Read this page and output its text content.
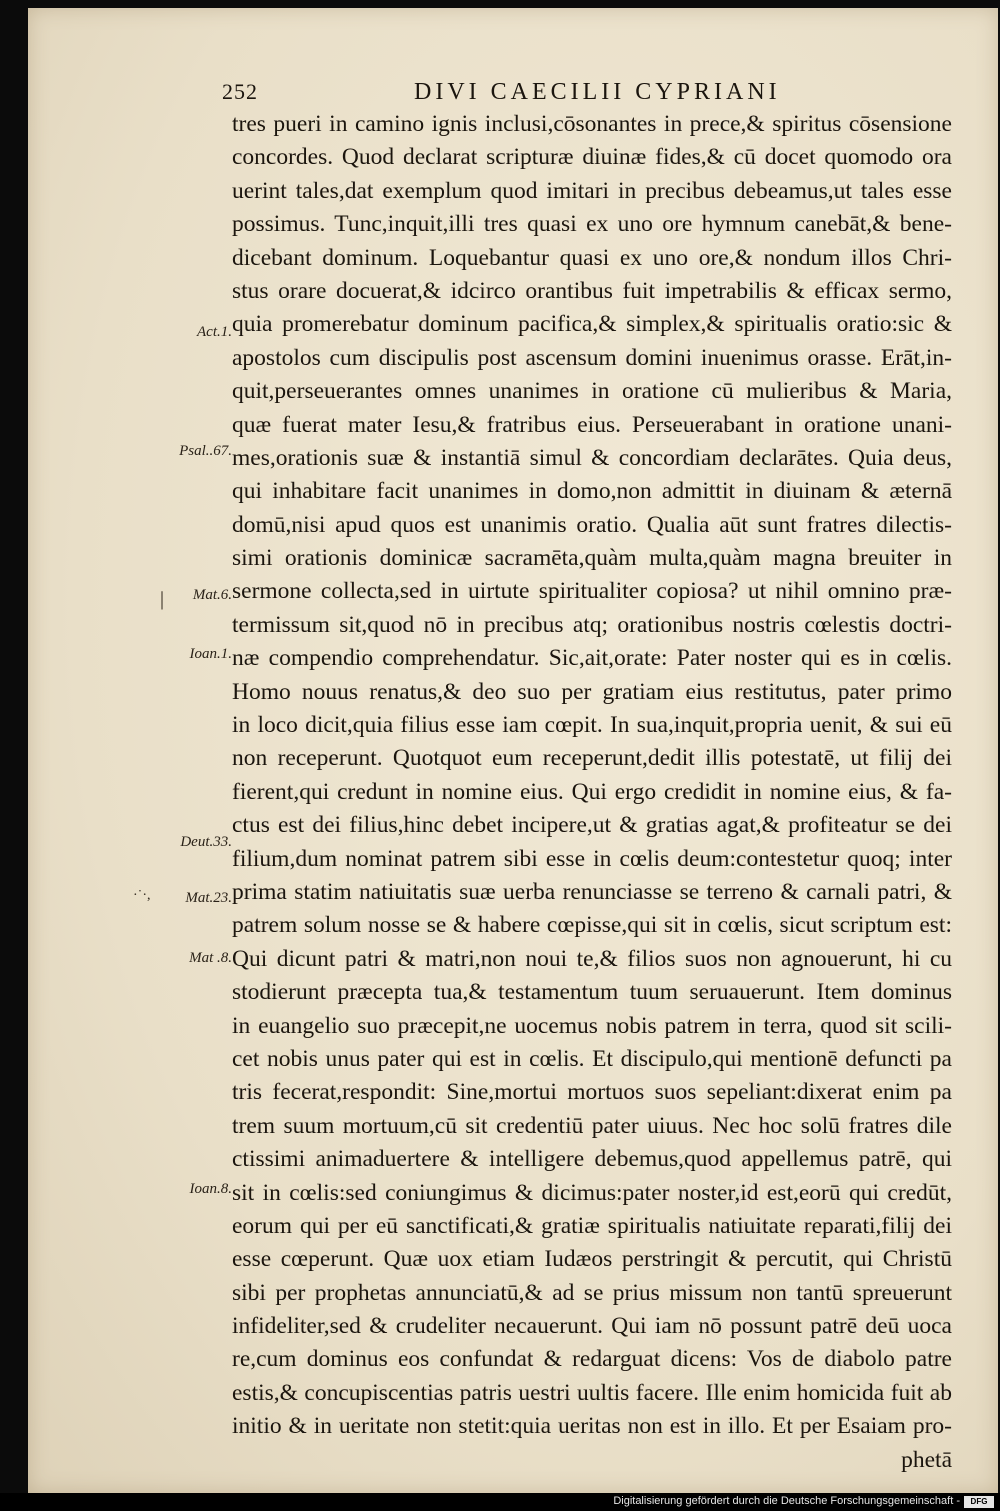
252	DIVI CAECILII CYPRIANI
tres pueri in camino ignis inclusi,cōsonantes in prece,& spiritus cōsensione
concordes. Quod declarat scripturæ diuinæ fides,& cū docet quomodo ora
uerint tales,dat exemplum quod imitari in precibus debeamus,ut tales esse
possimus. Tunc,inquit,illi tres quasi ex uno ore hymnum canebāt,& bene-
dicebant dominum. Loquebantur quasi ex uno ore,& nondum illos Chri-
stus orare docuerat,& idcirco orantibus fuit impetrabilis & efficax sermo,
quia promerebatur dominum pacifica,& simplex,& spiritualis oratio:sic &
apostolos cum discipulis post ascensum domini inuenimus orasse. Erāt,in-
quit,perseuerantes omnes unanimes in oratione cū mulieribus & Maria,
quæ fuerat mater Iesu,& fratribus eius. Perseuerabant in oratione unani-
mes,orationis suæ & instantiā simul & concordiam declarātes. Quia deus,
qui inhabitare facit unanimes in domo,non admittit in diuinam & æternā
domū,nisi apud quos est unanimis oratio. Qualia aūt sunt fratres dilectis-
simi orationis dominicæ sacramēta,quàm multa,quàm magna breuiter in
sermone collecta,sed in uirtute spiritualiter copiosa? ut nihil omnino præ-
termissum sit,quod nō in precibus atq; orationibus nostris cœlestis doctri-
næ compendio comprehendatur. Sic,ait,orate: Pater noster qui es in cœlis.
Homo nouus renatus,& deo suo per gratiam eius restitutus, pater primo
in loco dicit,quia filius esse iam cœpit. In sua,inquit,propria uenit, & sui eū
non receperunt. Quotquot eum receperunt,dedit illis potestatē, ut filij dei
fierent,qui credunt in nomine eius. Qui ergo credidit in nomine eius, & fa-
ctus est dei filius,hinc debet incipere,ut & gratias agat,& profiteatur se dei
filium,dum nominat patrem sibi esse in cœlis deum:contestetur quoq; inter
prima statim natiuitatis suæ uerba renunciasse se terreno & carnali patri, &
patrem solum nosse se & habere cœpisse,qui sit in cœlis, sicut scriptum est:
Qui dicunt patri & matri,non noui te,& filios suos non agnouerunt, hi cu
stodierunt præcepta tua,& testamentum tuum seruauerunt. Item dominus
in euangelio suo præcepit,ne uocemus nobis patrem in terra, quod sit scili-
cet nobis unus pater qui est in cœlis. Et discipulo,qui mentionē defuncti pa
tris fecerat,respondit: Sine,mortui mortuos suos sepeliant:dixerat enim pa
trem suum mortuum,cū sit credentiū pater uiuus. Nec hoc solū fratres dile
ctissimi animaduertere & intelligere debemus,quod appellemus patrē, qui
sit in cœlis:sed coniungimus & dicimus:pater noster,id est,eorū qui credūt,
eorum qui per eū sanctificati,& gratiæ spiritualis natiuitate reparati,filij dei
esse cœperunt. Quæ uox etiam Iudæos perstringit & percutit, qui Christū
sibi per prophetas annunciatū,& ad se prius missum non tantū spreuerunt
infideliter,sed & crudeliter necauerunt. Qui iam nō possunt patrē deū uoca
re,cum dominus eos confundat & redarguat dicens: Vos de diabolo patre
estis,& concupiscentias patris uestri uultis facere. Ille enim homicida fuit ab
initio & in ueritate non stetit:quia ueritas non est in illo. Et per Esaiam pro-
phetā
Act.1.
Psal..67.
| Mat.6.
Ioan.1.
Deut.33.
·˙·, Mat.23.
Mat .8.
Ioan.8.
Digitalisierung gefördert durch die Deutsche Forschungsgemeinschaft -	DFG
